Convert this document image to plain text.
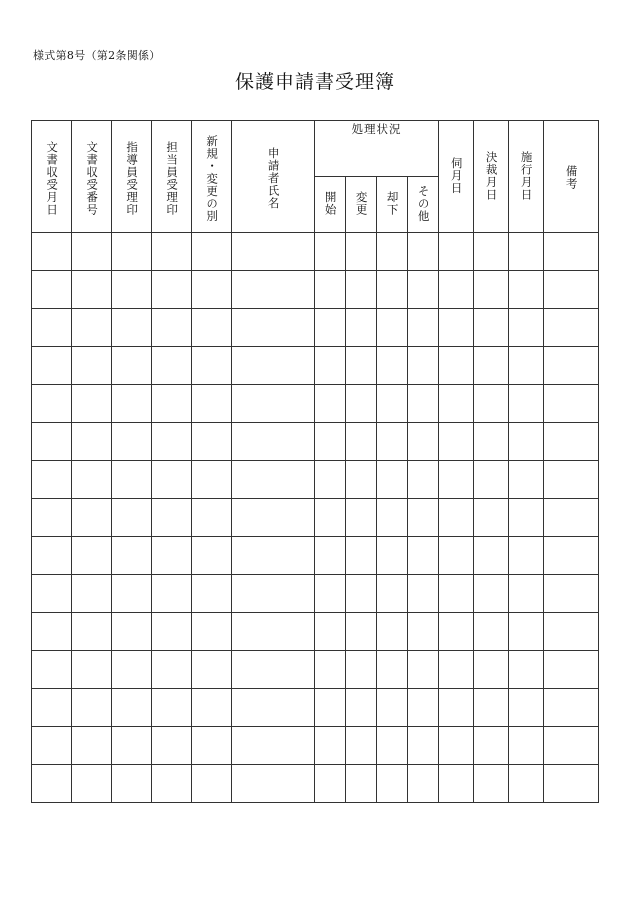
様式第8号（第2条関係）
保護申請書受理簿
文書収受月日	文書収受番号	指導員受理印	担当員受理印	新規・変更の別	申請者氏名	処理状況				伺月日	決裁月日	施行月日	備考

						開始	変更	却下	その他				
